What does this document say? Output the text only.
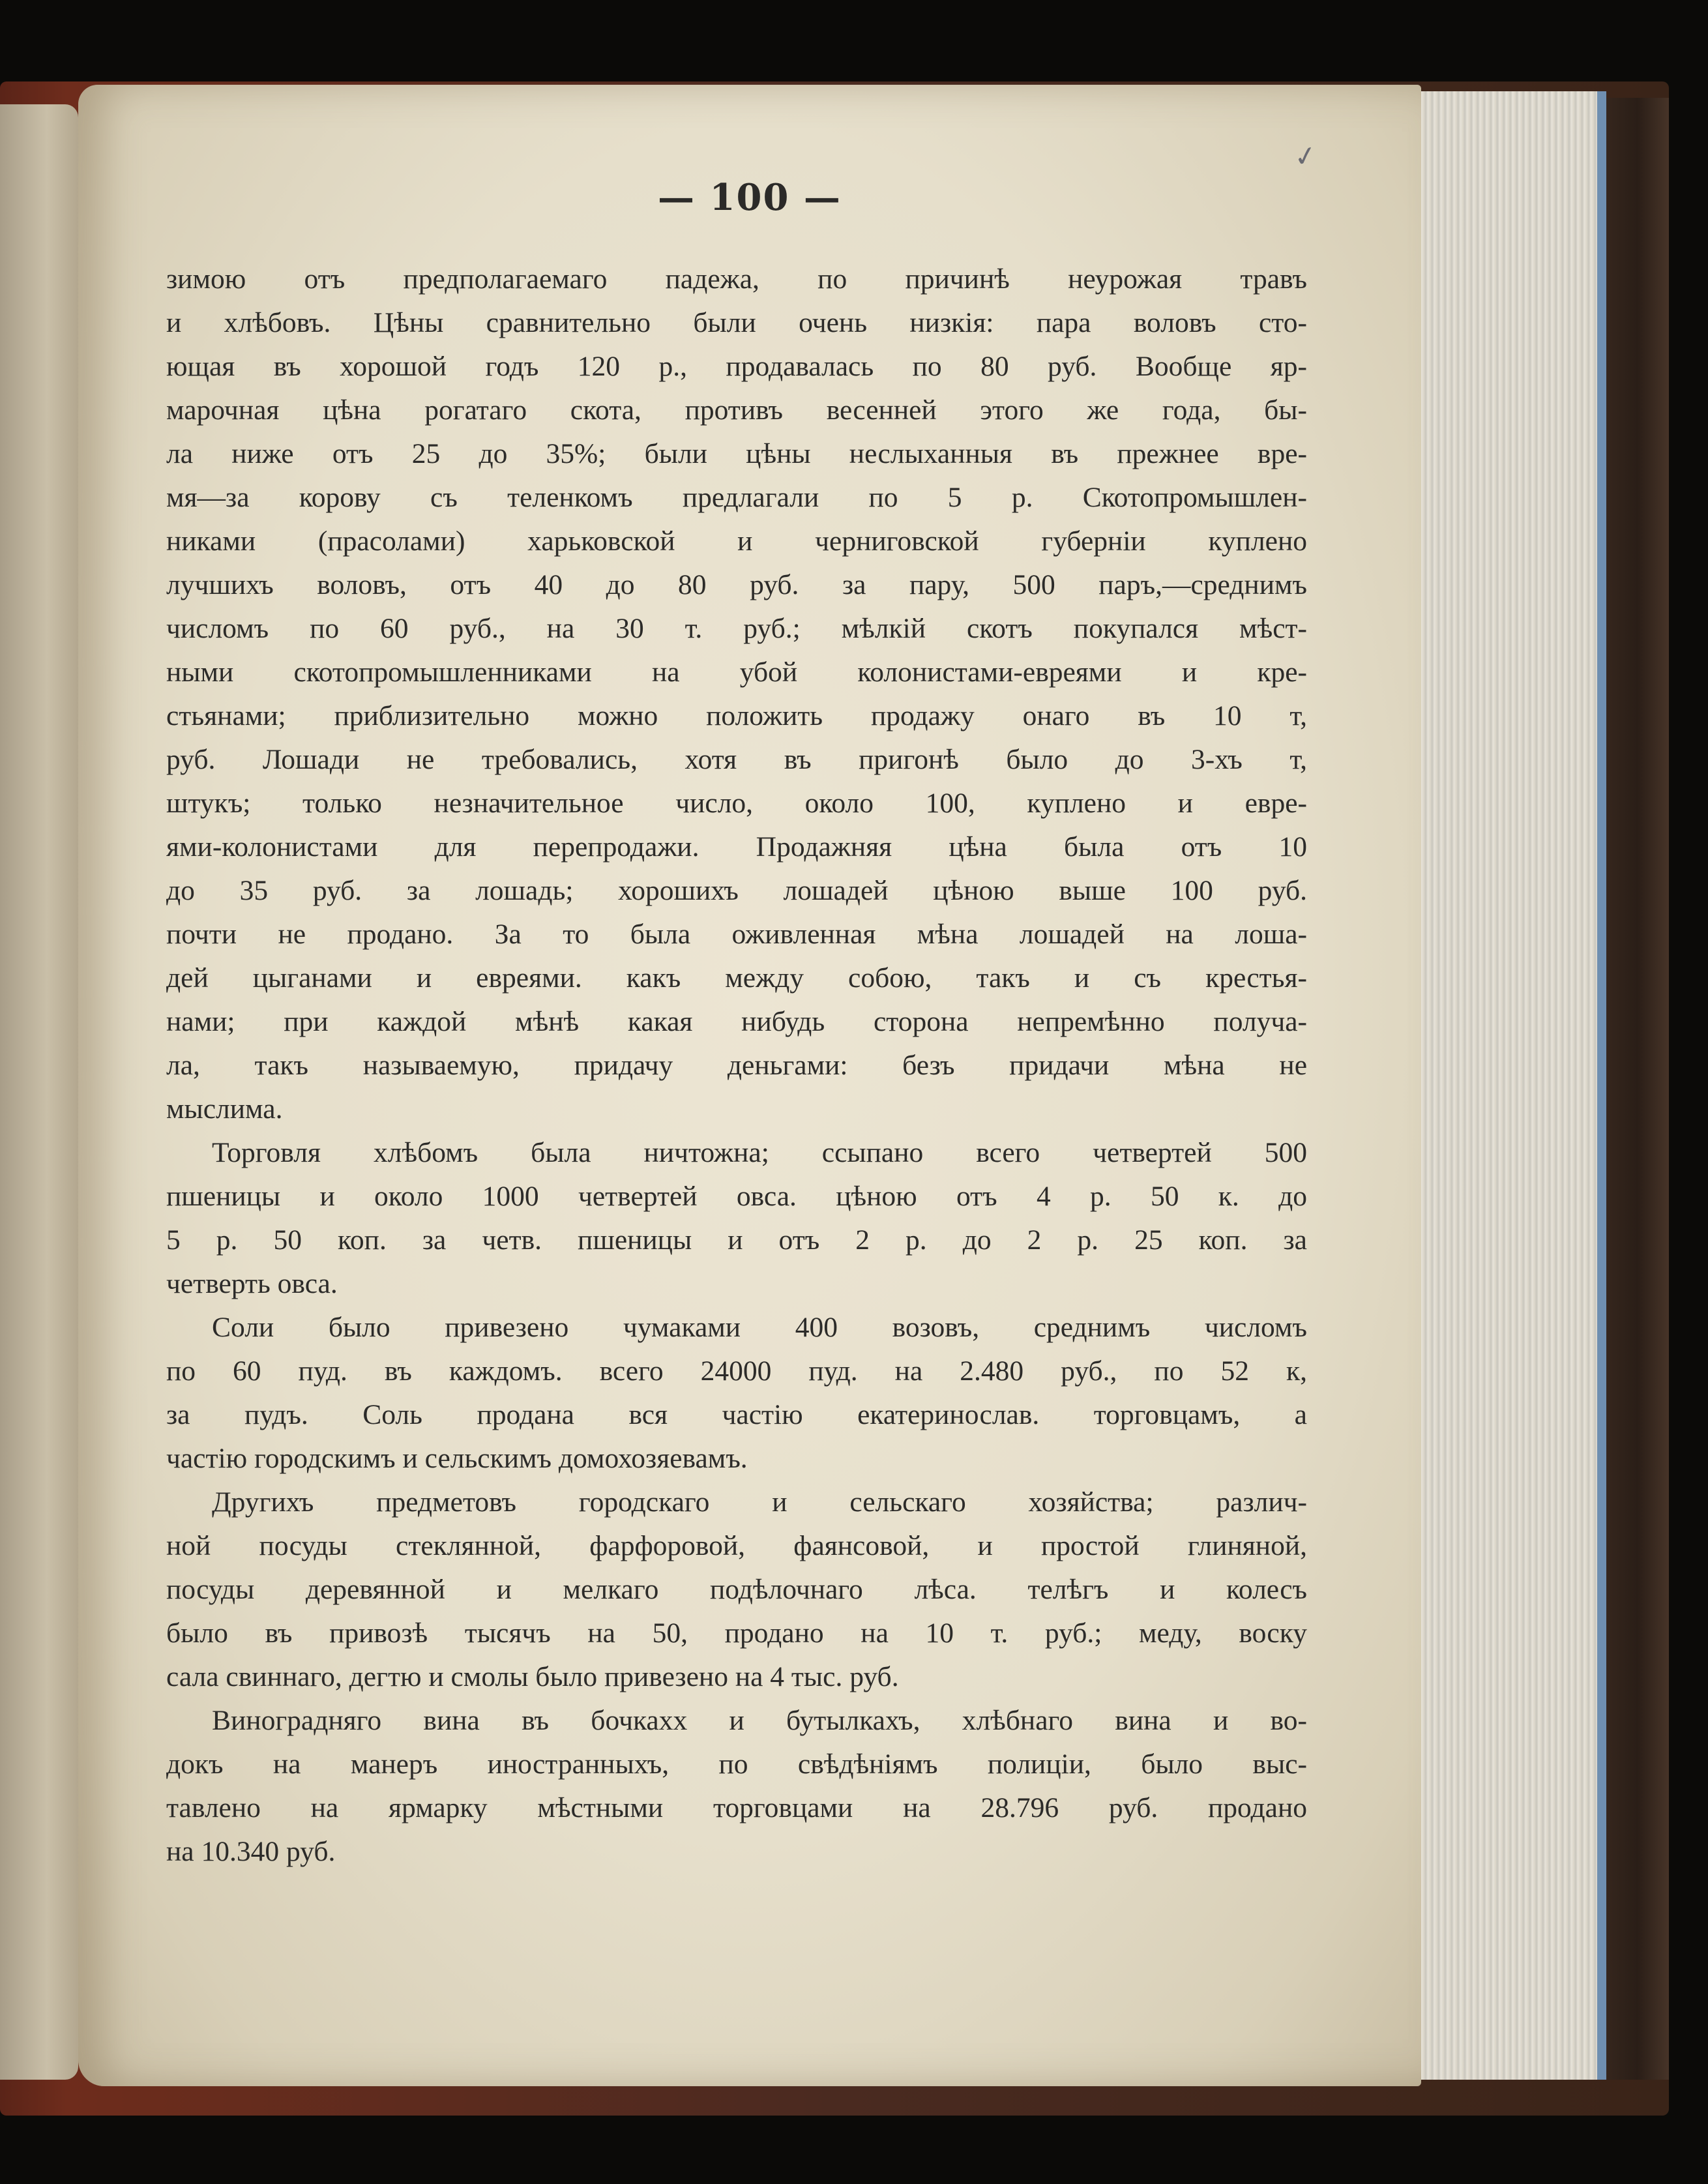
✓
— 100 —
зимою отъ предполагаемаго падежа, по причинѣ неурожая травъ
и хлѣбовъ. Цѣны сравнительно были очень низкія: пара воловъ сто-
ющая въ хорошой годъ 120 р., продавалась по 80 руб. Вообще яр-
марочная цѣна рогатаго скота, противъ весенней этого же года, бы-
ла ниже отъ 25 до 35%; были цѣны неслыханныя въ прежнее вре-
мя—за корову съ теленкомъ предлагали по 5 р. Скотопромышлен-
никами (прасолами) харьковской и черниговской губерніи куплено
лучшихъ воловъ, отъ 40 до 80 руб. за пару, 500 паръ,—среднимъ
числомъ по 60 руб., на 30 т. руб.; мѣлкій скотъ покупался мѣст-
ными скотопромышленниками на убой колонистами-евреями и кре-
стьянами; приблизительно можно положить продажу онаго въ 10 т,
руб. Лошади не требовались, хотя въ пригонѣ было до 3-хъ т,
штукъ; только незначительное число, около 100, куплено и евре-
ями-колонистами для перепродажи. Продажняя цѣна была отъ 10
до 35 руб. за лошадь; хорошихъ лошадей цѣною выше 100 руб.
почти не продано. За то была оживленная мѣна лошадей на лоша-
дей цыганами и евреями. какъ между собою, такъ и съ крестья-
нами; при каждой мѣнѣ какая нибудь сторона непремѣнно получа-
ла, такъ называемую, придачу деньгами: безъ придачи мѣна не
мыслима.
Торговля хлѣбомъ была ничтожна; ссыпано всего четвертей 500
пшеницы и около 1000 четвертей овса. цѣною отъ 4 р. 50 к. до
5 р. 50 коп. за четв. пшеницы и отъ 2 р. до 2 р. 25 коп. за
четверть овса.
Соли было привезено чумаками 400 возовъ, среднимъ числомъ
по 60 пуд. въ каждомъ. всего 24000 пуд. на 2.480 руб., по 52 к,
за пудъ. Соль продана вся частію екатеринослав. торговцамъ, а
частію городскимъ и сельскимъ домохозяевамъ.
Другихъ предметовъ городскаго и сельскаго хозяйства; различ-
ной посуды стеклянной, фарфоровой, фаянсовой, и простой глиняной,
посуды деревянной и мелкаго подѣлочнаго лѣса. телѣгъ и колесъ
было въ привозѣ тысячъ на 50, продано на 10 т. руб.; меду, воску
сала свиннаго, дегтю и смолы было привезено на 4 тыс. руб.
Виноградняго вина въ бочкахх и бутылкахъ, хлѣбнаго вина и во-
докъ на манеръ иностранныхъ, по свѣдѣніямъ полиціи, было выс-
тавлено на ярмарку мѣстными торговцами на 28.796 руб. продано
на 10.340 руб.
